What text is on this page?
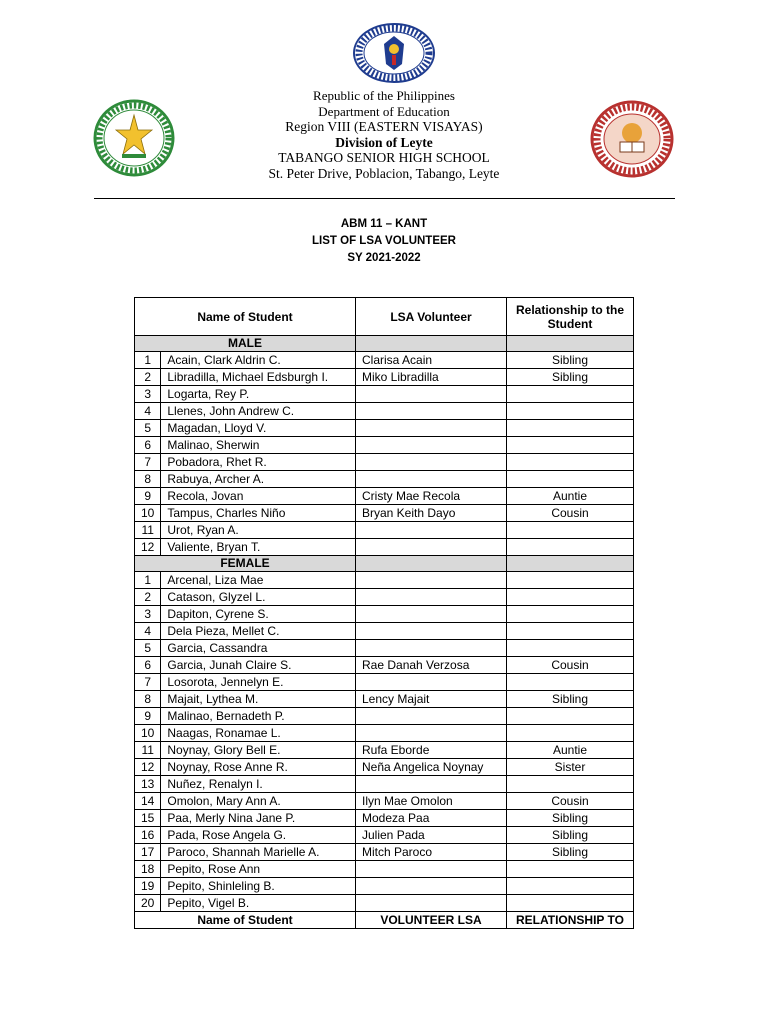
Republic of the Philippines
Department of Education
Region VIII (EASTERN VISAYAS)
Division of Leyte
TABANGO SENIOR HIGH SCHOOL
St. Peter Drive, Poblacion, Tabango, Leyte
ABM 11 – KANT
LIST OF LSA VOLUNTEER
SY 2021-2022
Name of Student		LSA Volunteer	Relationship to the Student
MALE			
1	Acain, Clark Aldrin C.	Clarisa Acain	Sibling
2	Libradilla, Michael Edsburgh I.	Miko Libradilla	Sibling
3	Logarta, Rey P.		
4	Llenes, John Andrew C.		
5	Magadan, Lloyd V.		
6	Malinao, Sherwin		
7	Pobadora, Rhet R.		
8	Rabuya, Archer A.		
9	Recola, Jovan	Cristy Mae Recola	Auntie
10	Tampus, Charles Niño	Bryan Keith Dayo	Cousin
11	Urot, Ryan A.		
12	Valiente, Bryan T.		
FEMALE			
1	Arcenal, Liza Mae		
2	Catason, Glyzel L.		
3	Dapiton, Cyrene S.		
4	Dela Pieza, Mellet C.		
5	Garcia, Cassandra		
6	Garcia, Junah Claire S.	Rae Danah Verzosa	Cousin
7	Losorota, Jennelyn E.		
8	Majait, Lythea M.	Lency Majait	Sibling
9	Malinao, Bernadeth P.		
10	Naagas, Ronamae L.		
11	Noynay, Glory Bell E.	Rufa Eborde	Auntie
12	Noynay, Rose Anne R.	Neña Angelica Noynay	Sister
13	Nuñez, Renalyn I.		
14	Omolon, Mary Ann A.	Ilyn Mae Omolon	Cousin
15	Paa, Merly Nina Jane P.	Modeza Paa	Sibling
16	Pada, Rose Angela G.	Julien Pada	Sibling
17	Paroco, Shannah Marielle A.	Mitch Paroco	Sibling
18	Pepito, Rose Ann		
19	Pepito, Shinleling B.		
20	Pepito, Vigel B.		
Name of Student		VOLUNTEER LSA	RELATIONSHIP TO
